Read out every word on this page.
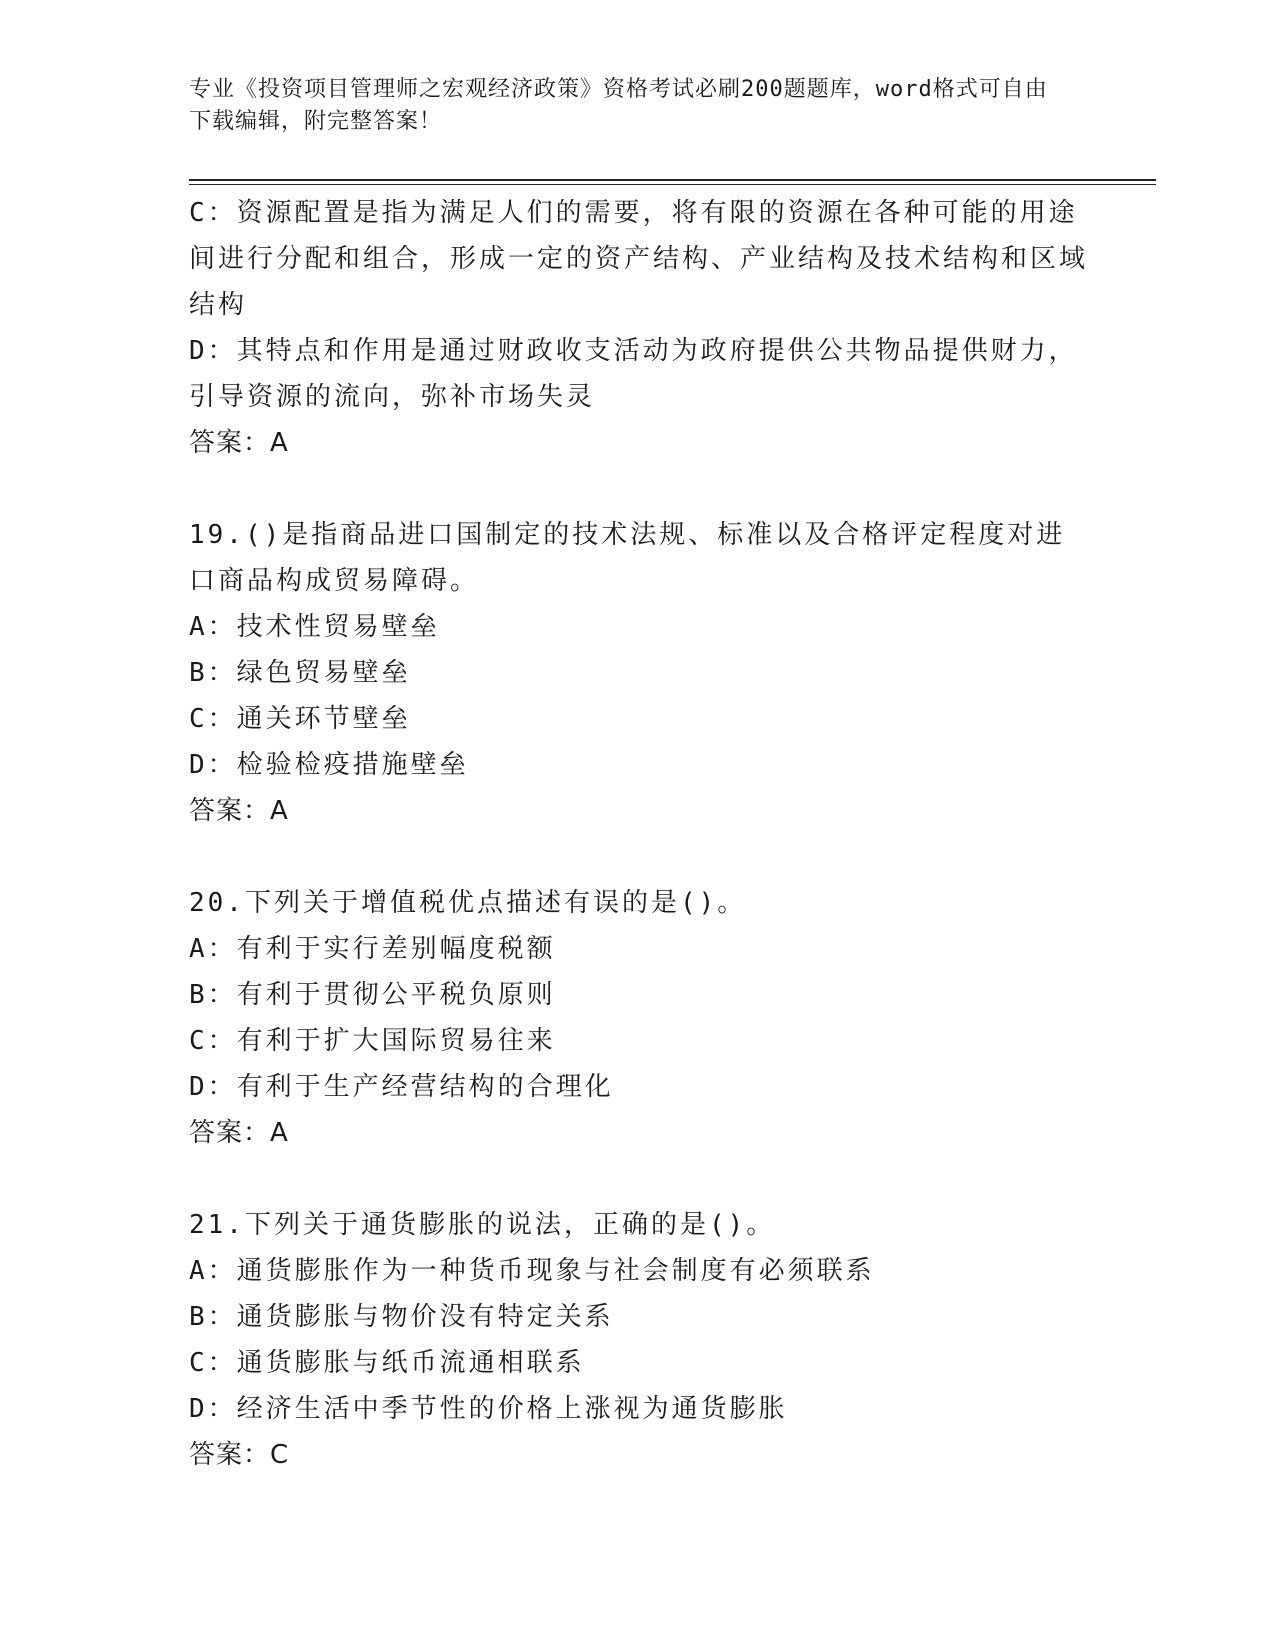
专业《投资项目管理师之宏观经济政策》资格考试必刷200题题库，word格式可自由下载编辑，附完整答案！

C：资源配置是指为满足人们的需要，将有限的资源在各种可能的用途间进行分配和组合，形成一定的资产结构、产业结构及技术结构和区域结构

D：其特点和作用是通过财政收支活动为政府提供公共物品提供财力，引导资源的流向，弥补市场失灵

答案：A

19.()是指商品进口国制定的技术法规、标准以及合格评定程度对进口商品构成贸易障碍。

A：技术性贸易壁垒

B：绿色贸易壁垒

C：通关环节壁垒

D：检验检疫措施壁垒

答案：A

20.下列关于增值税优点描述有误的是()。

A：有利于实行差别幅度税额

B：有利于贯彻公平税负原则

C：有利于扩大国际贸易往来

D：有利于生产经营结构的合理化

答案：A

21.下列关于通货膨胀的说法，正确的是()。

A：通货膨胀作为一种货币现象与社会制度有必须联系

B：通货膨胀与物价没有特定关系

C：通货膨胀与纸币流通相联系

D：经济生活中季节性的价格上涨视为通货膨胀

答案：C
